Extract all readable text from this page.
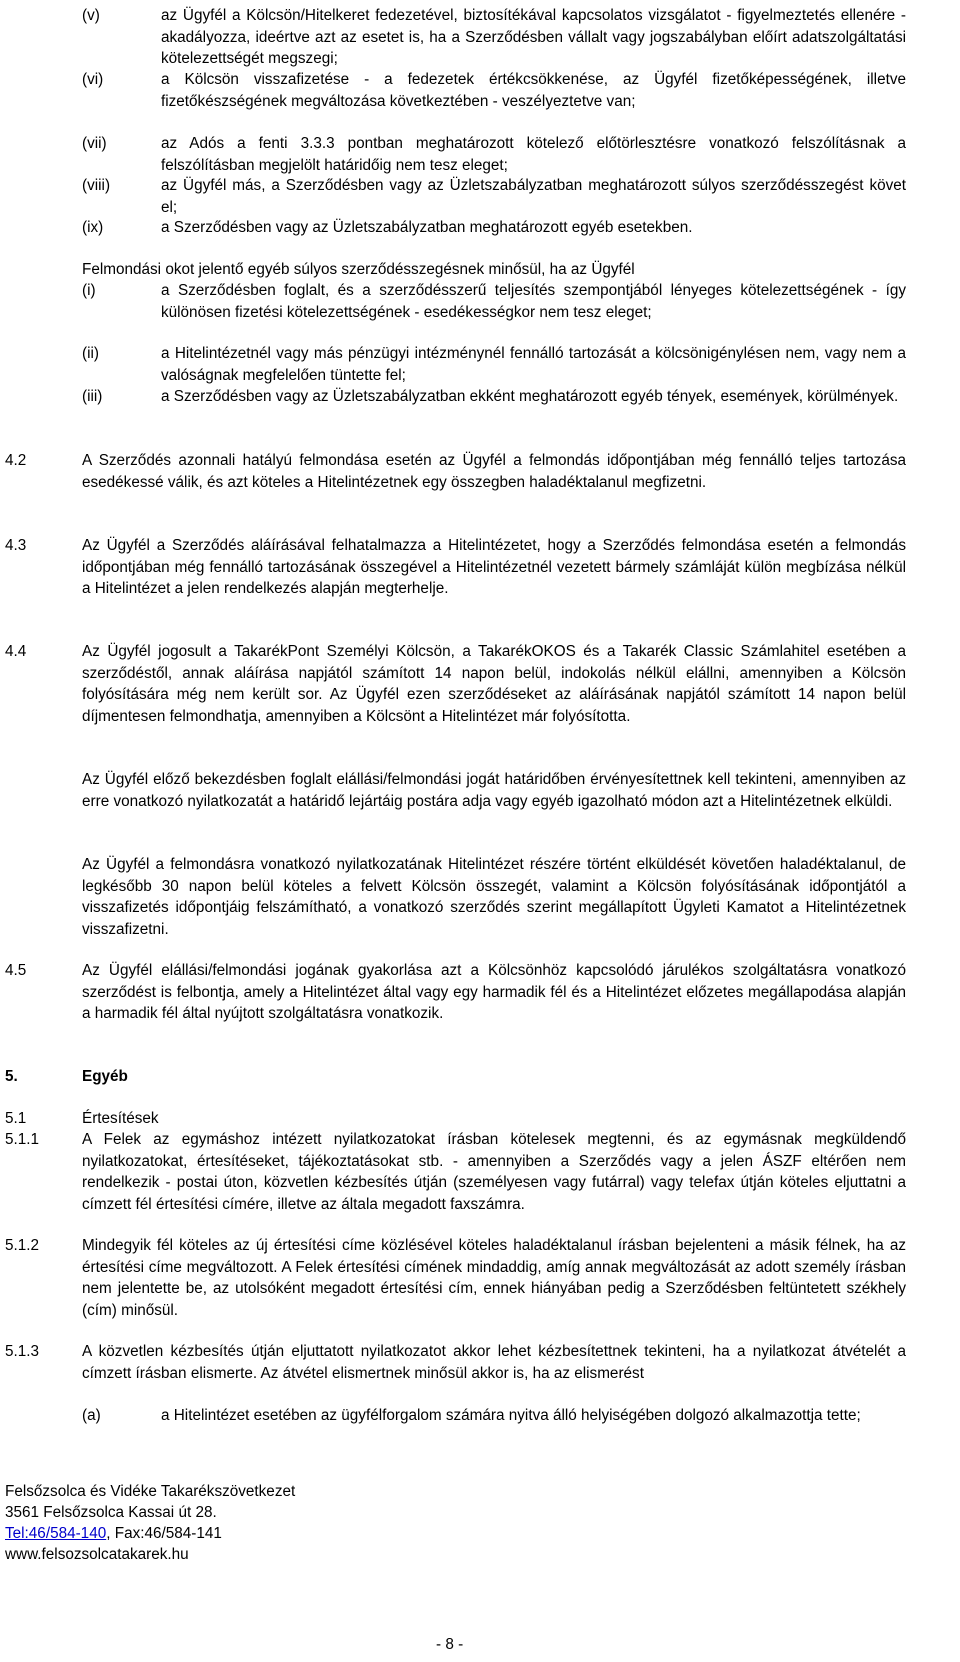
(v)	az Ügyfél a Kölcsön/Hitelkeret fedezetével, biztosítékával kapcsolatos vizsgálatot - figyelmeztetés ellenére - akadályozza, ideértve azt az esetet is, ha a Szerződésben vállalt vagy jogszabályban előírt adatszolgáltatási kötelezettségét megszegi;
(vi)	a Kölcsön visszafizetése - a fedezetek értékcsökkenése, az Ügyfél fizetőképességének, illetve fizetőkészségének megváltozása következtében - veszélyeztetve van;
(vii)	az Adós a fenti 3.3.3 pontban meghatározott kötelező előtörlesztésre vonatkozó felszólításnak a felszólításban megjelölt határidőig nem tesz eleget;
(viii)	az Ügyfél más, a Szerződésben vagy az Üzletszabályzatban meghatározott súlyos szerződésszegést követ el;
(ix)	a Szerződésben vagy az Üzletszabályzatban meghatározott egyéb esetekben.
Felmondási okot jelentő egyéb súlyos szerződésszegésnek minősül, ha az Ügyfél
(i)	a Szerződésben foglalt, és a szerződésszerű teljesítés szempontjából lényeges kötelezettségének - így különösen fizetési kötelezettségének - esedékességkor nem tesz eleget;
(ii)	a Hitelintézetnél vagy más pénzügyi intézménynél fennálló tartozását a kölcsönigénylésen nem, vagy nem a valóságnak megfelelően tüntette fel;
(iii)	a Szerződésben vagy az Üzletszabályzatban ekként meghatározott egyéb tények, események, körülmények.
4.2	A Szerződés azonnali hatályú felmondása esetén az Ügyfél a felmondás időpontjában még fennálló teljes tartozása esedékessé válik, és azt köteles a Hitelintézetnek egy összegben haladéktalanul megfizetni.
4.3	Az Ügyfél a Szerződés aláírásával felhatalmazza a Hitelintézetet, hogy a Szerződés felmondása esetén a felmondás időpontjában még fennálló tartozásának összegével a Hitelintézetnél vezetett bármely számláját külön megbízása nélkül a Hitelintézet a jelen rendelkezés alapján megterhelje.
4.4	Az Ügyfél jogosult a TakarékPont Személyi Kölcsön, a TakarékOKOS és a Takarék Classic Számlahitel esetében a szerződéstől, annak aláírása napjától számított 14 napon belül, indokolás nélkül elállni, amennyiben a Kölcsön folyósítására még nem került sor. Az Ügyfél ezen szerződéseket az aláírásának napjától számított 14 napon belül díjmentesen felmondhatja, amennyiben a Kölcsönt a Hitelintézet már folyósította.
Az Ügyfél előző bekezdésben foglalt elállási/felmondási jogát határidőben érvényesítettnek kell tekinteni, amennyiben az erre vonatkozó nyilatkozatát a határidő lejártáig postára adja vagy egyéb igazolható módon azt a Hitelintézetnek elküldi.
Az Ügyfél a felmondásra vonatkozó nyilatkozatának Hitelintézet részére történt elküldését követően haladéktalanul, de legkésőbb 30 napon belül köteles a felvett Kölcsön összegét, valamint a Kölcsön folyósításának időpontjától a visszafizetés időpontjáig felszámítható, a vonatkozó szerződés szerint megállapított Ügyleti Kamatot a Hitelintézetnek visszafizetni.
4.5	Az Ügyfél elállási/felmondási jogának gyakorlása azt a Kölcsönhöz kapcsolódó járulékos szolgáltatásra vonatkozó szerződést is felbontja, amely a Hitelintézet által vagy egy harmadik fél és a Hitelintézet előzetes megállapodása alapján a harmadik fél által nyújtott szolgáltatásra vonatkozik.
5.	Egyéb
5.1	Értesítések
5.1.1	A Felek az egymáshoz intézett nyilatkozatokat írásban kötelesek megtenni, és az egymásnak megküldendő nyilatkozatokat, értesítéseket, tájékoztatásokat stb. - amennyiben a Szerződés vagy a jelen ÁSZF eltérően nem rendelkezik - postai úton, közvetlen kézbesítés útján (személyesen vagy futárral) vagy telefax útján köteles eljuttatni a címzett fél értesítési címére, illetve az általa megadott faxszámra.
5.1.2	Mindegyik fél köteles az új értesítési címe közlésével köteles haladéktalanul írásban bejelenteni a másik félnek, ha az értesítési címe megváltozott. A Felek értesítési címének mindaddig, amíg annak megváltozását az adott személy írásban nem jelentette be, az utolsóként megadott értesítési cím, ennek hiányában pedig a Szerződésben feltüntetett székhely (cím) minősül.
5.1.3	A közvetlen kézbesítés útján eljuttatott nyilatkozatot akkor lehet kézbesítettnek tekinteni, ha a nyilatkozat átvételét a címzett írásban elismerte. Az átvétel elismertnek minősül akkor is, ha az elismerést
(a)	a Hitelintézet esetében az ügyfélforgalom számára nyitva álló helyiségében dolgozó alkalmazottja tette;
Felsőzsolca és Vidéke Takarékszövetkezet
3561 Felsőzsolca Kassai út 28.
Tel:46/584-140, Fax:46/584-141
www.felsozsolcatakarek.hu
- 8 -
